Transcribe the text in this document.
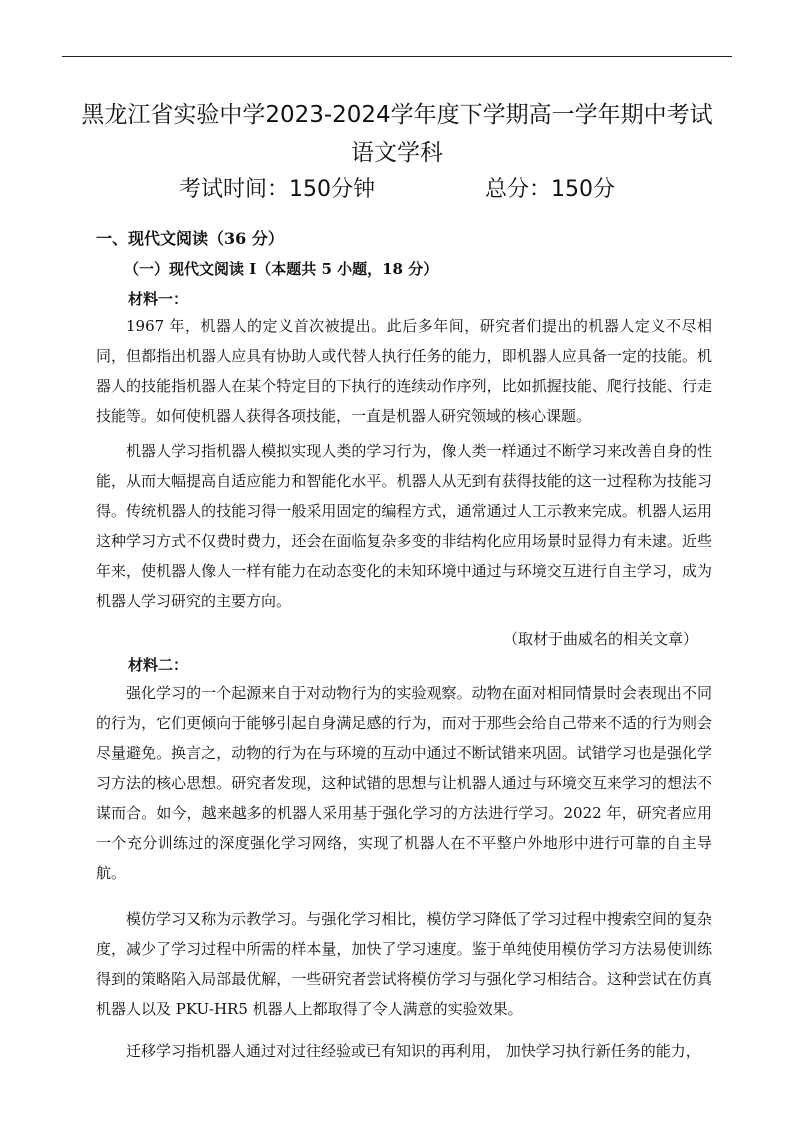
黑龙江省实验中学2023-2024学年度下学期高一学年期中考试
语文学科
考试时间：150分钟	总分：150分
一、现代文阅读（36 分）
（一）现代文阅读 I（本题共 5 小题，18 分）
材料一：

1967 年，机器人的定义首次被提出。此后多年间，研究者们提出的机器人定义不尽相同，但都指出机器人应具有协助人或代替人执行任务的能力，即机器人应具备一定的技能。机器人的技能指机器人在某个特定目的下执行的连续动作序列，比如抓握技能、爬行技能、行走技能等。如何使机器人获得各项技能，一直是机器人研究领域的核心课题。

机器人学习指机器人模拟实现人类的学习行为，像人类一样通过不断学习来改善自身的性能，从而大幅提高自适应能力和智能化水平。机器人从无到有获得技能的这一过程称为技能习得。传统机器人的技能习得一般采用固定的编程方式，通常通过人工示教来完成。机器人运用这种学习方式不仅费时费力，还会在面临复杂多变的非结构化应用场景时显得力有未逮。近些年来，使机器人像人一样有能力在动态变化的未知环境中通过与环境交互进行自主学习，成为机器人学习研究的主要方向。

（取材于曲威名的相关文章）
材料二：

强化学习的一个起源来自于对动物行为的实验观察。动物在面对相同情景时会表现出不同的行为，它们更倾向于能够引起自身满足感的行为，而对于那些会给自己带来不适的行为则会尽量避免。换言之，动物的行为在与环境的互动中通过不断试错来巩固。试错学习也是强化学习方法的核心思想。研究者发现，这种试错的思想与让机器人通过与环境交互来学习的想法不谋而合。如今，越来越多的机器人采用基于强化学习的方法进行学习。2022 年，研究者应用一个充分训练过的深度强化学习网络，实现了机器人在不平整户外地形中进行可靠的自主导航。

模仿学习又称为示教学习。与强化学习相比，模仿学习降低了学习过程中搜索空间的复杂度，减少了学习过程中所需的样本量，加快了学习速度。鉴于单纯使用模仿学习方法易使训练得到的策略陷入局部最优解，一些研究者尝试将模仿学习与强化学习相结合。这种尝试在仿真机器人以及 PKU-HR5 机器人上都取得了令人满意的实验效果。

迁移学习指机器人通过对过往经验或已有知识的再利用， 加快学习执行新任务的能力，
